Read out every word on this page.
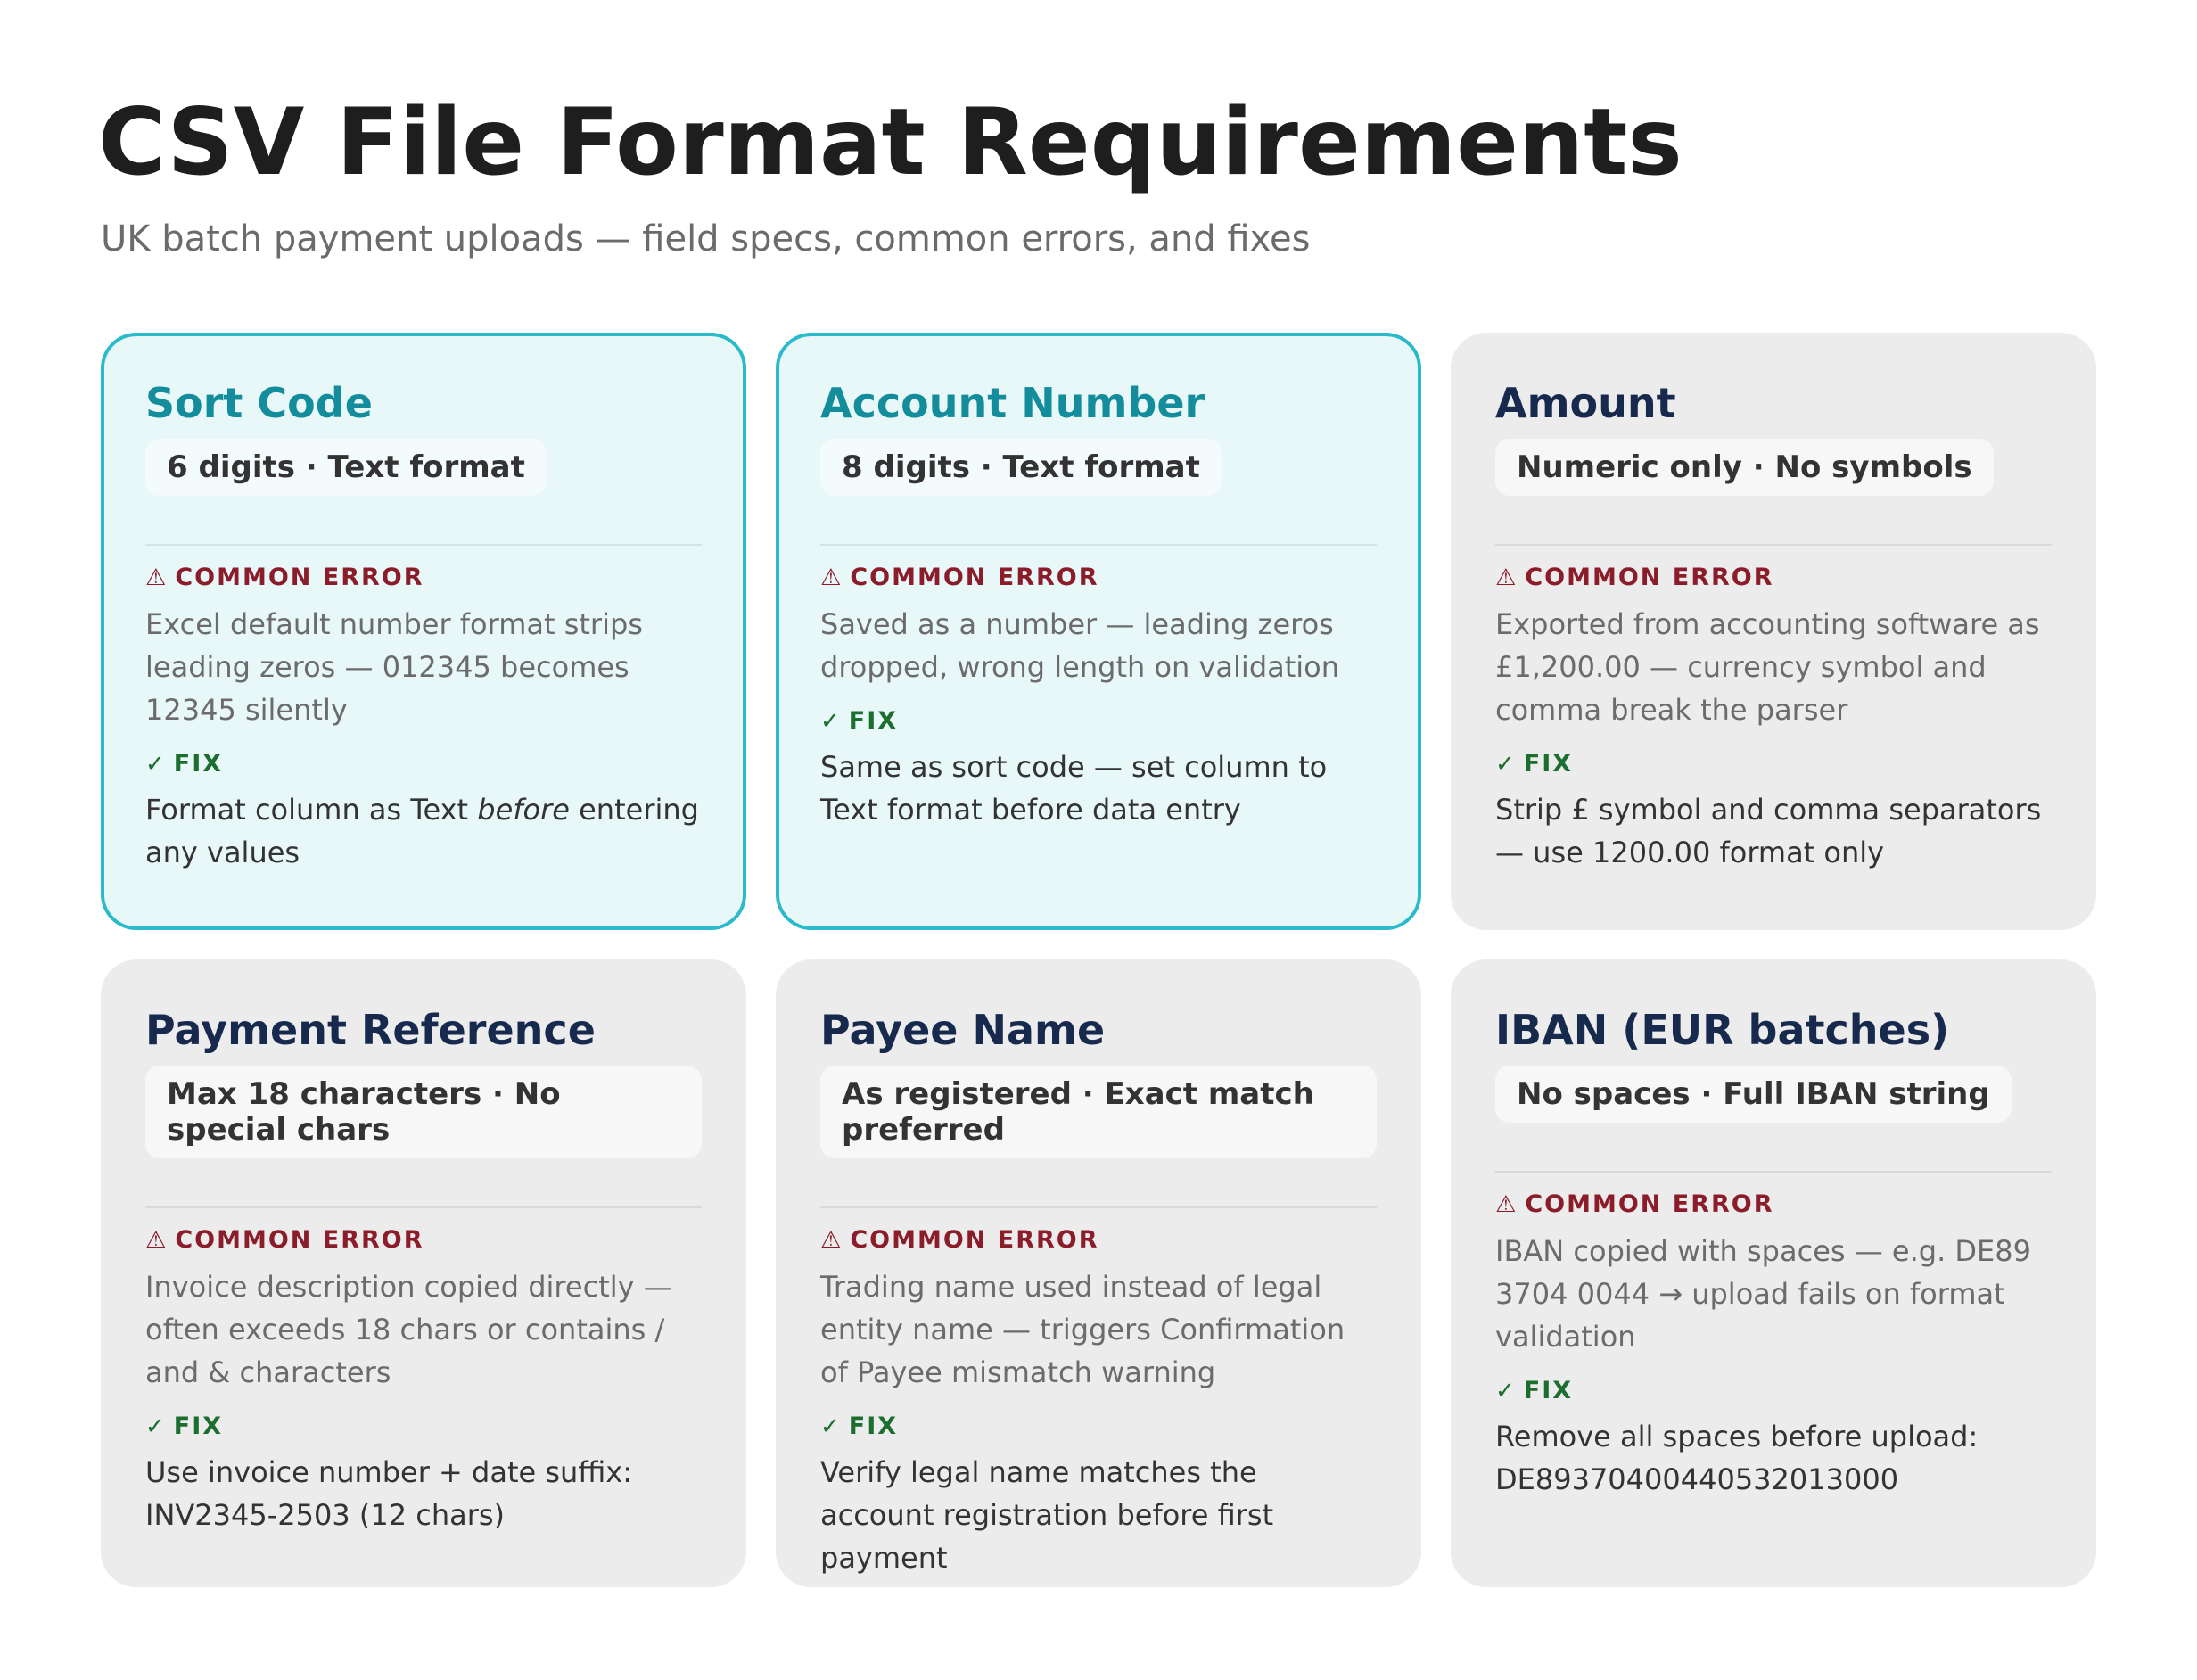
CSV File Format Requirements

UK batch payment uploads — field specs, common errors, and fixes

Sort Code
6 digits · Text format
⚠ COMMON ERROR
Excel default number format strips leading zeros — 012345 becomes 12345 silently
✓ FIX
Format column as Text before entering any values
Account Number
8 digits · Text format
⚠ COMMON ERROR
Saved as a number — leading zeros dropped, wrong length on validation
✓ FIX
Same as sort code — set column to Text format before data entry
Amount
Numeric only · No symbols
⚠ COMMON ERROR
Exported from accounting software as £1,200.00 — currency symbol and comma break the parser
✓ FIX
Strip £ symbol and comma separators — use 1200.00 format only
Payment Reference
Max 18 characters · No special chars
⚠ COMMON ERROR
Invoice description copied directly — often exceeds 18 chars or contains / and & characters
✓ FIX
Use invoice number + date suffix: INV2345-2503 (12 chars)
Payee Name
As registered · Exact match preferred
⚠ COMMON ERROR
Trading name used instead of legal entity name — triggers Confirmation of Payee mismatch warning
✓ FIX
Verify legal name matches the account registration before first payment
IBAN (EUR batches)
No spaces · Full IBAN string
⚠ COMMON ERROR
IBAN copied with spaces — e.g. DE89 3704 0044 → upload fails on format validation
✓ FIX
Remove all spaces before upload:
DE89370400440532013000
